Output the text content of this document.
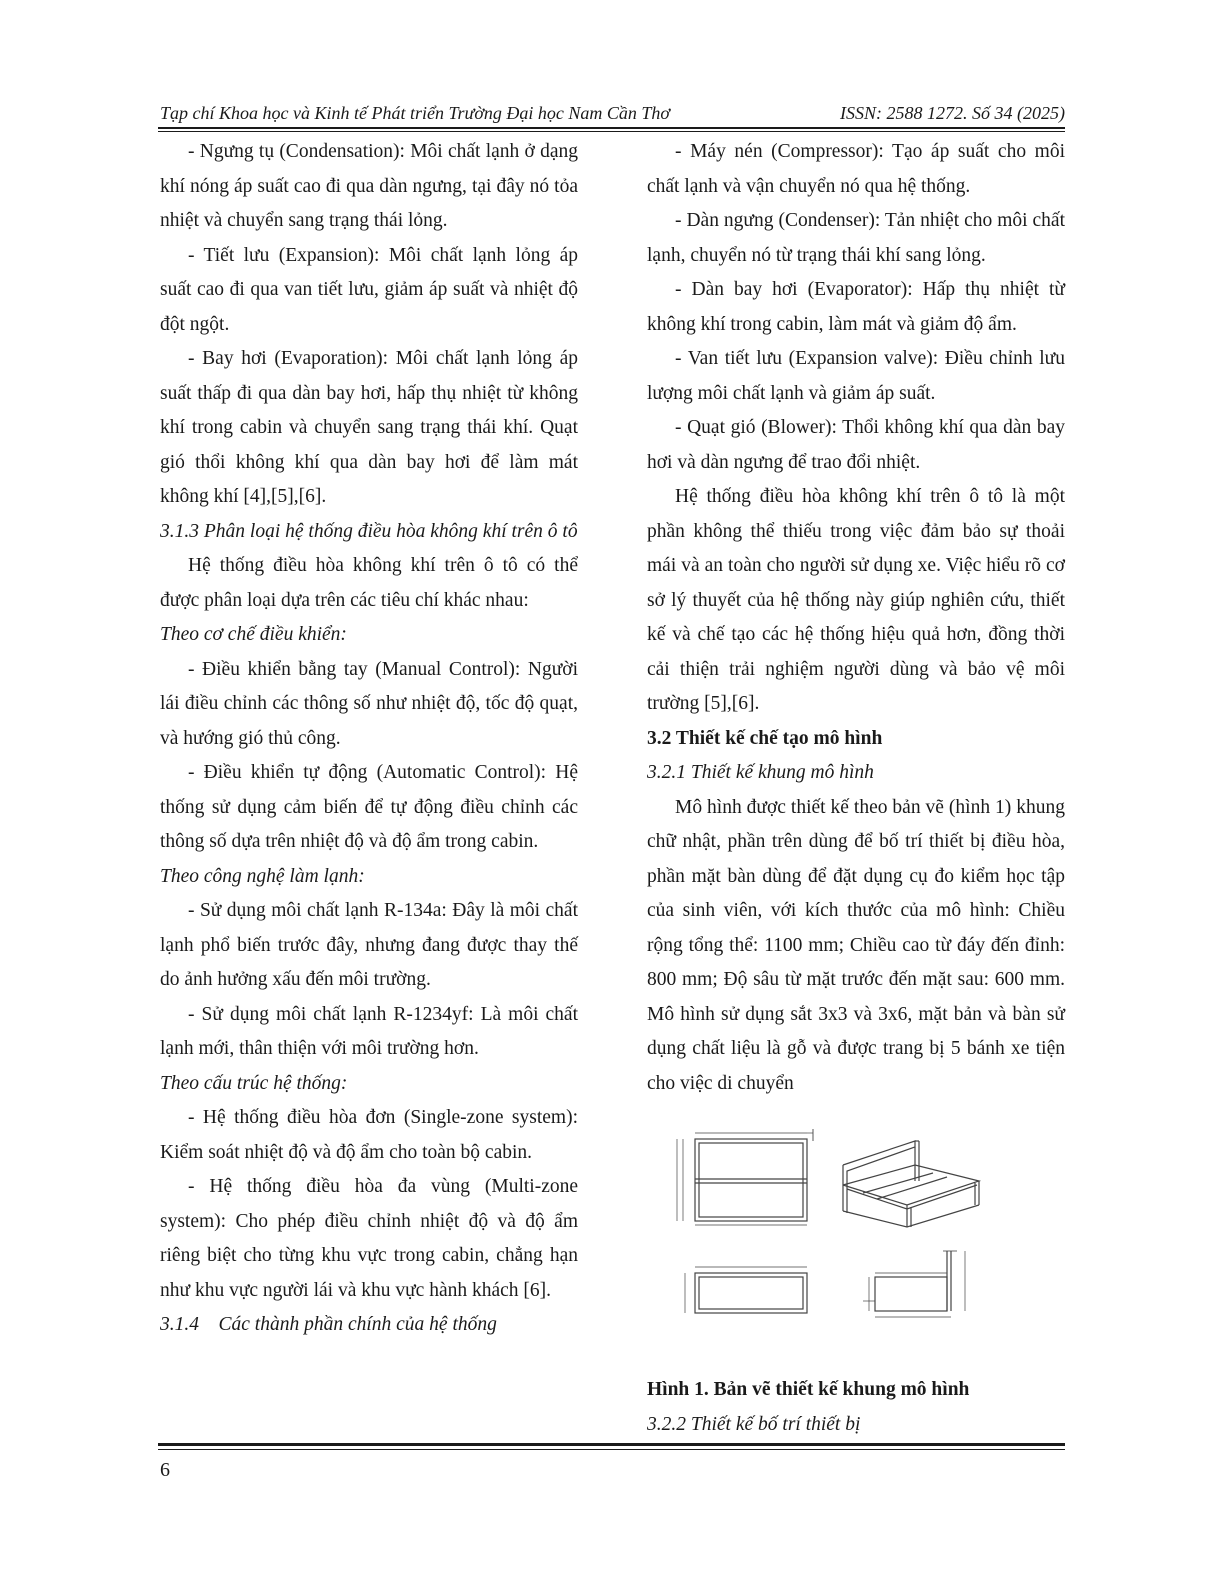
Tạp chí Khoa học và Kinh tế Phát triển Trường Đại học Nam Cần Thơ	ISSN: 2588 1272. Số 34 (2025)

- Ngưng tụ (Condensation): Môi chất lạnh ở dạng khí nóng áp suất cao đi qua dàn ngưng, tại đây nó tỏa nhiệt và chuyển sang trạng thái lỏng.

- Tiết lưu (Expansion): Môi chất lạnh lỏng áp suất cao đi qua van tiết lưu, giảm áp suất và nhiệt độ đột ngột.

- Bay hơi (Evaporation): Môi chất lạnh lỏng áp suất thấp đi qua dàn bay hơi, hấp thụ nhiệt từ không khí trong cabin và chuyển sang trạng thái khí. Quạt gió thổi không khí qua dàn bay hơi để làm mát không khí [4],[5],[6].

3.1.3 Phân loại hệ thống điều hòa không khí trên ô tô

Hệ thống điều hòa không khí trên ô tô có thể được phân loại dựa trên các tiêu chí khác nhau:

Theo cơ chế điều khiển:

- Điều khiển bằng tay (Manual Control): Người lái điều chỉnh các thông số như nhiệt độ, tốc độ quạt, và hướng gió thủ công.

- Điều khiển tự động (Automatic Control): Hệ thống sử dụng cảm biến để tự động điều chỉnh các thông số dựa trên nhiệt độ và độ ẩm trong cabin.

Theo công nghệ làm lạnh:

- Sử dụng môi chất lạnh R-134a: Đây là môi chất lạnh phổ biến trước đây, nhưng đang được thay thế do ảnh hưởng xấu đến môi trường.

- Sử dụng môi chất lạnh R-1234yf: Là môi chất lạnh mới, thân thiện với môi trường hơn.

Theo cấu trúc hệ thống:

- Hệ thống điều hòa đơn (Single-zone system): Kiểm soát nhiệt độ và độ ẩm cho toàn bộ cabin.

- Hệ thống điều hòa đa vùng (Multi-zone system): Cho phép điều chỉnh nhiệt độ và độ ẩm riêng biệt cho từng khu vực trong cabin, chẳng hạn như khu vực người lái và khu vực hành khách [6].

3.1.4    Các thành phần chính của hệ thống

- Máy nén (Compressor): Tạo áp suất cho môi chất lạnh và vận chuyển nó qua hệ thống.

- Dàn ngưng (Condenser): Tản nhiệt cho môi chất lạnh, chuyển nó từ trạng thái khí sang lỏng.

- Dàn bay hơi (Evaporator): Hấp thụ nhiệt từ không khí trong cabin, làm mát và giảm độ ẩm.

- Van tiết lưu (Expansion valve): Điều chỉnh lưu lượng môi chất lạnh và giảm áp suất.

- Quạt gió (Blower): Thổi không khí qua dàn bay hơi và dàn ngưng để trao đổi nhiệt.

Hệ thống điều hòa không khí trên ô tô là một phần không thể thiếu trong việc đảm bảo sự thoải mái và an toàn cho người sử dụng xe. Việc hiểu rõ cơ sở lý thuyết của hệ thống này giúp nghiên cứu, thiết kế và chế tạo các hệ thống hiệu quả hơn, đồng thời cải thiện trải nghiệm người dùng và bảo vệ môi trường [5],[6].

3.2 Thiết kế chế tạo mô hình

3.2.1 Thiết kế khung mô hình

Mô hình được thiết kế theo bản vẽ (hình 1) khung chữ nhật, phần trên dùng để bố trí thiết bị điều hòa, phần mặt bàn dùng để đặt dụng cụ đo kiểm học tập của sinh viên, với kích thước của mô hình: Chiều rộng tổng thể: 1100 mm; Chiều cao từ đáy đến đỉnh: 800 mm; Độ sâu từ mặt trước đến mặt sau: 600 mm. Mô hình sử dụng sắt 3x3 và 3x6, mặt bản và bàn sử dụng chất liệu là gỗ và được trang bị 5 bánh xe tiện cho việc di chuyển

Hình 1. Bản vẽ thiết kế khung mô hình

3.2.2 Thiết kế bố trí thiết bị

6
